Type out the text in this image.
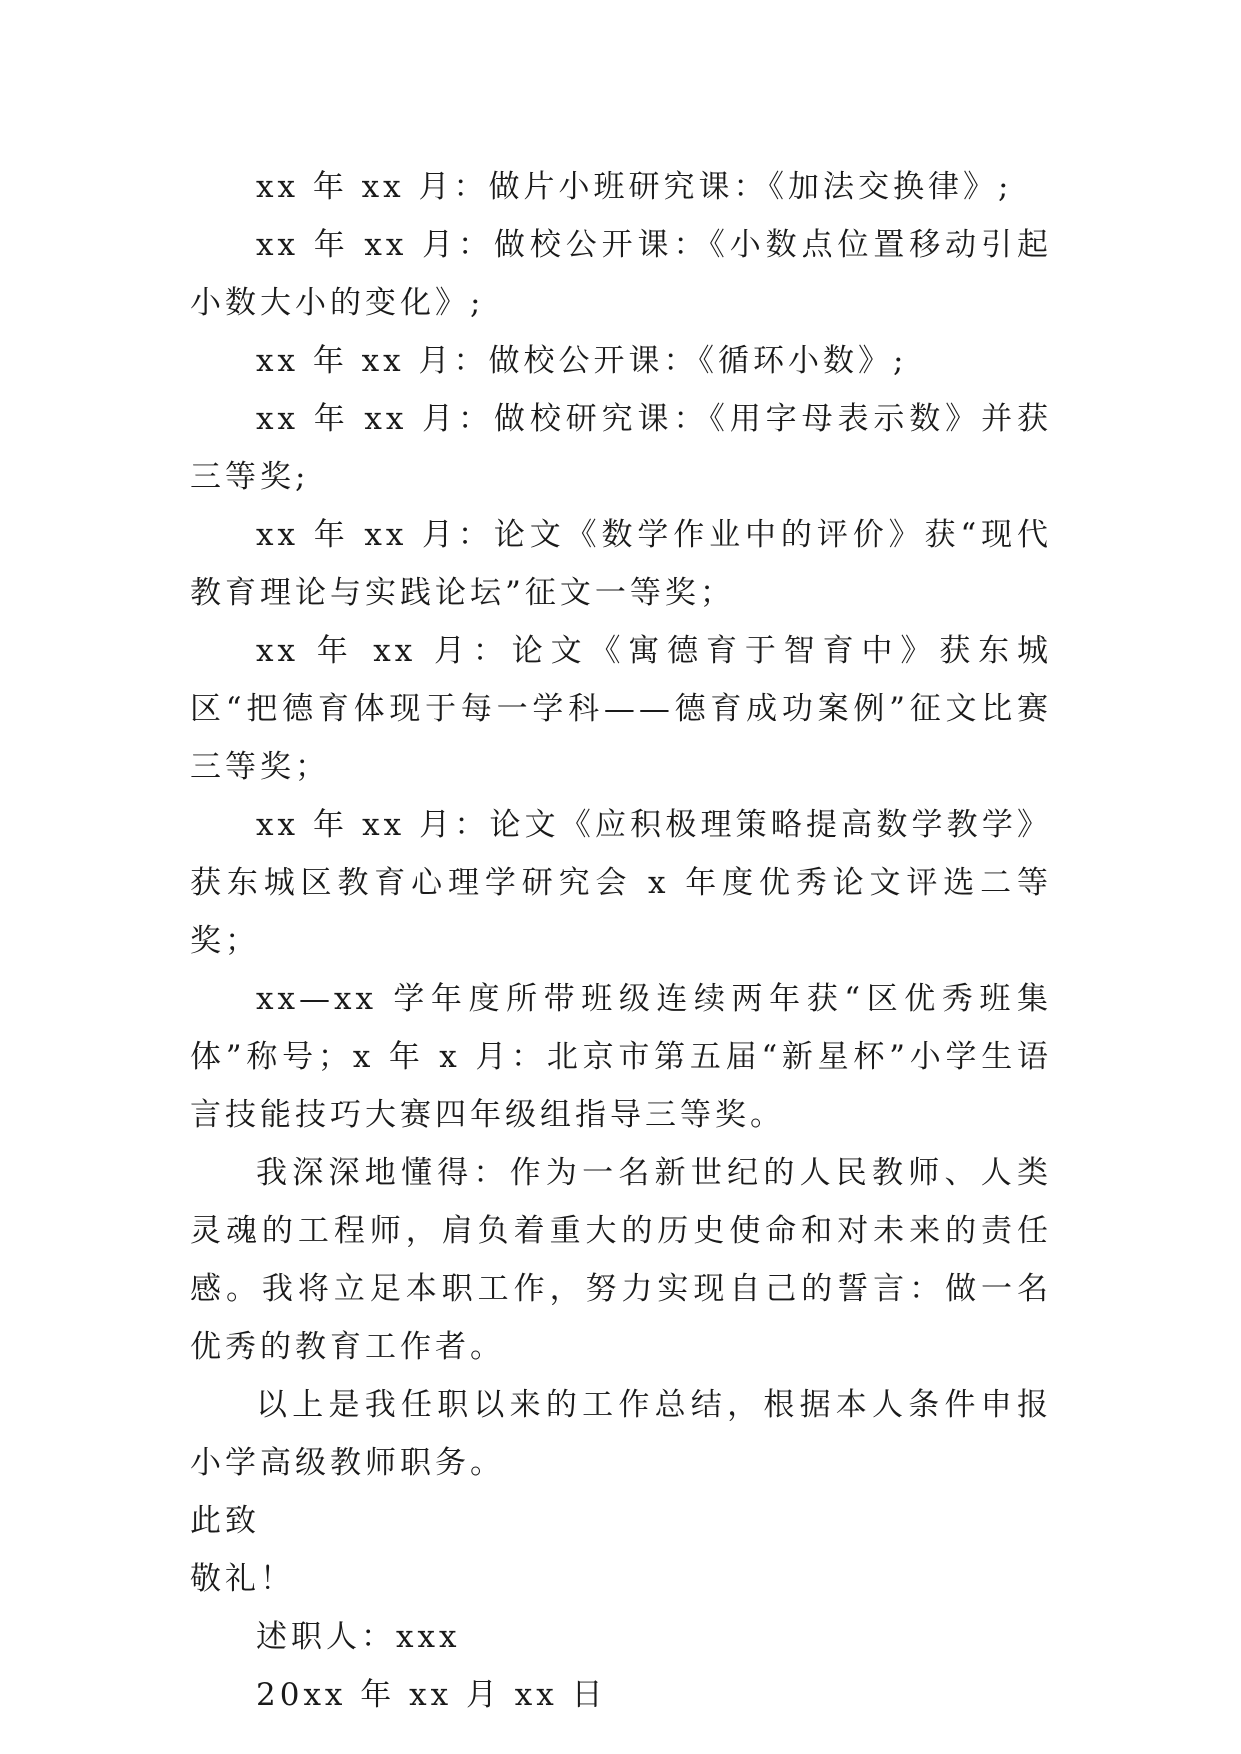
xx 年 xx 月：做片小班研究课：《加法交换律》;

xx 年 xx 月：做校公开课：《小数点位置移动引起小数大小的变化》;

xx 年 xx 月：做校公开课：《循环小数》;

xx 年 xx 月：做校研究课：《用字母表示数》并获三等奖;

xx 年 xx 月：论文《数学作业中的评价》获“现代教育理论与实践论坛”征文一等奖；

xx 年 xx 月：论文《寓德育于智育中》获东城区“把德育体现于每一学科——德育成功案例”征文比赛三等奖；

xx 年 xx 月：论文《应积极理策略提高数学教学》获东城区教育心理学研究会 x 年度优秀论文评选二等奖；

xx—xx 学年度所带班级连续两年获“区优秀班集体”称号；x 年 x 月：北京市第五届“新星杯”小学生语言技能技巧大赛四年级组指导三等奖。

我深深地懂得：作为一名新世纪的人民教师、人类灵魂的工程师，肩负着重大的历史使命和对未来的责任感。我将立足本职工作，努力实现自己的誓言：做一名优秀的教育工作者。

以上是我任职以来的工作总结，根据本人条件申报小学高级教师职务。

此致

敬礼！

述职人：xxx

20xx 年 xx 月 xx 日
